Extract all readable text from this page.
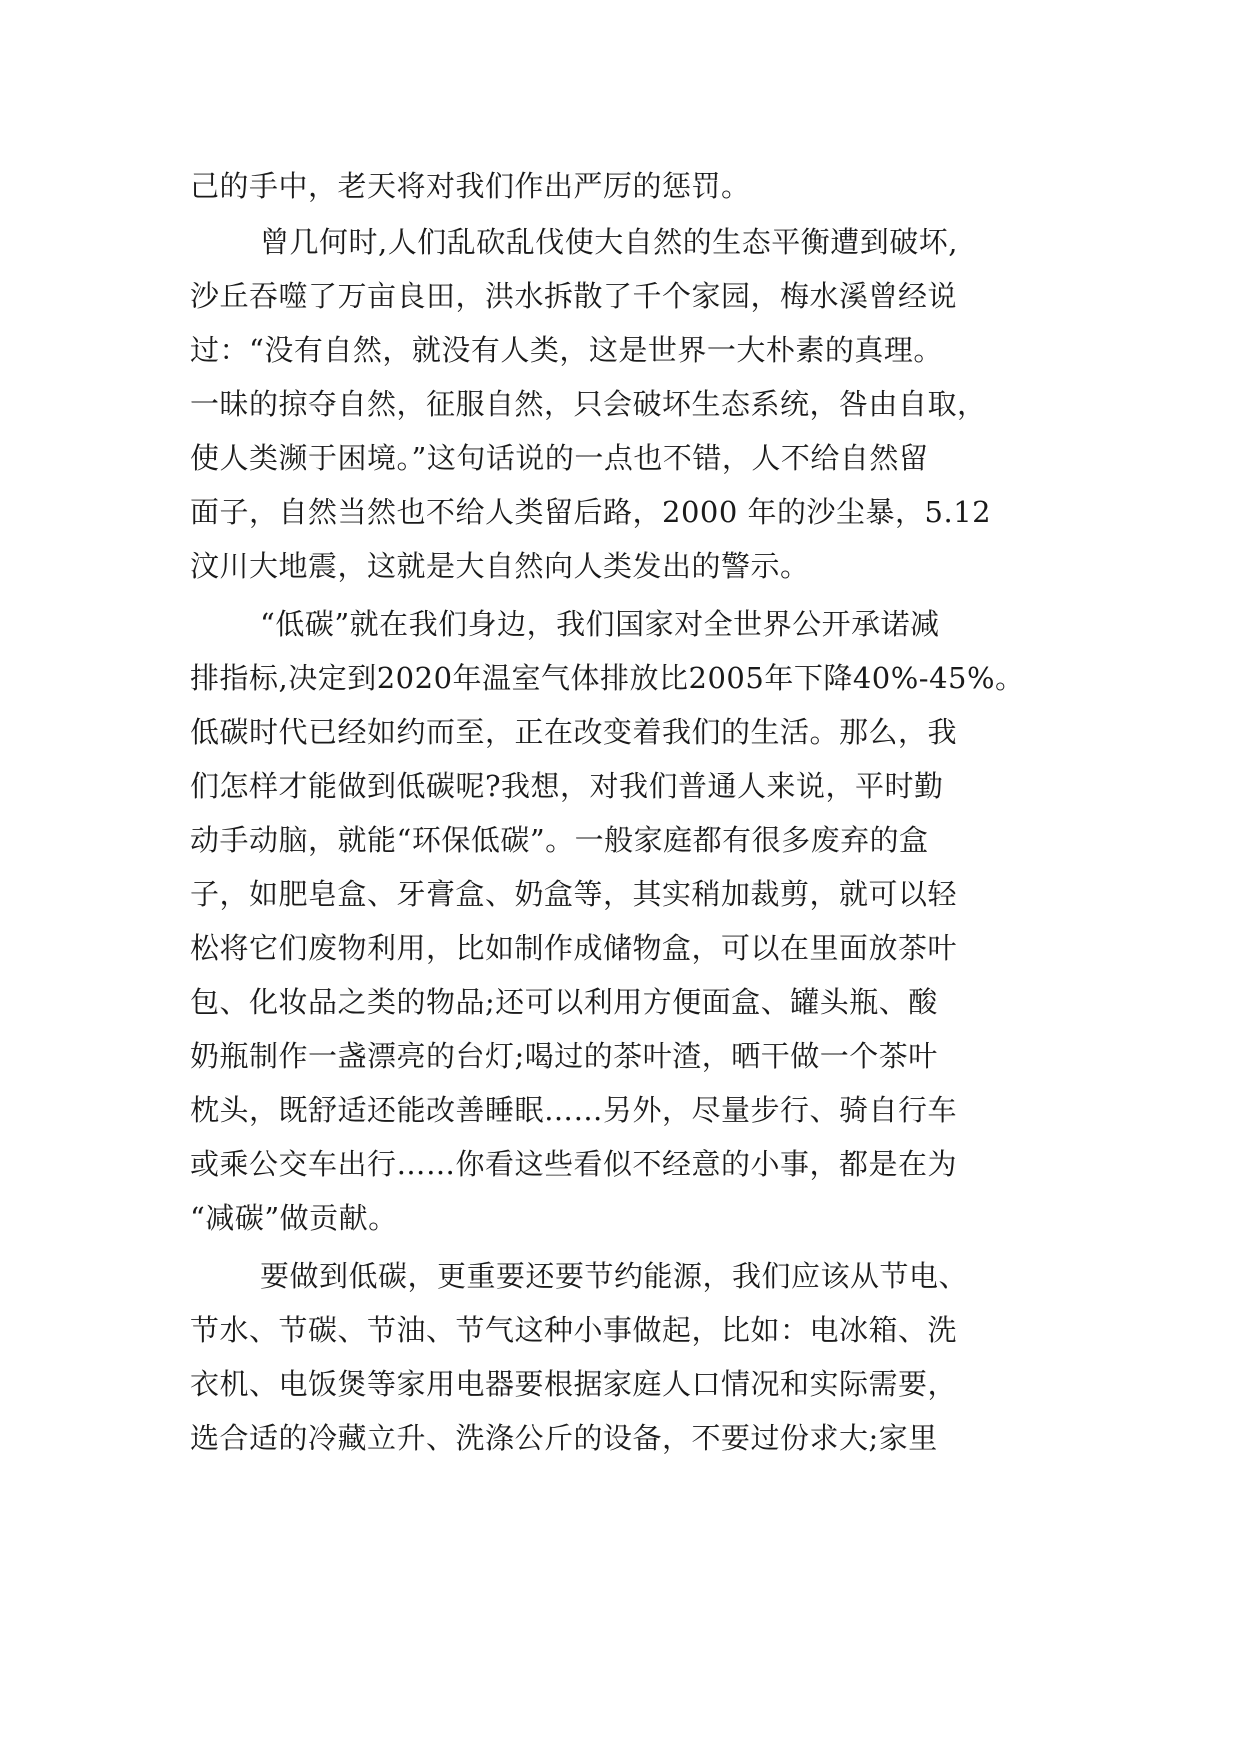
己的手中，老天将对我们作出严厉的惩罚。
曾几何时,人们乱砍乱伐使大自然的生态平衡遭到破坏,
沙丘吞噬了万亩良田，洪水拆散了千个家园，梅水溪曾经说
过：“没有自然，就没有人类，这是世界一大朴素的真理。
一昧的掠夺自然，征服自然，只会破坏生态系统，咎由自取，
使人类濒于困境。”这句话说的一点也不错，人不给自然留
面子，自然当然也不给人类留后路，2000 年的沙尘暴，5.12
汶川大地震，这就是大自然向人类发出的警示。
“低碳”就在我们身边，我们国家对全世界公开承诺减
排指标,决定到2020年温室气体排放比2005年下降40%-45%。
低碳时代已经如约而至，正在改变着我们的生活。那么，我
们怎样才能做到低碳呢?我想，对我们普通人来说，平时勤
动手动脑，就能“环保低碳”。一般家庭都有很多废弃的盒
子，如肥皂盒、牙膏盒、奶盒等，其实稍加裁剪，就可以轻
松将它们废物利用，比如制作成储物盒，可以在里面放茶叶
包、化妆品之类的物品;还可以利用方便面盒、罐头瓶、酸
奶瓶制作一盏漂亮的台灯;喝过的茶叶渣，晒干做一个茶叶
枕头，既舒适还能改善睡眠……另外，尽量步行、骑自行车
或乘公交车出行……你看这些看似不经意的小事，都是在为
“减碳”做贡献。
要做到低碳，更重要还要节约能源，我们应该从节电、
节水、节碳、节油、节气这种小事做起，比如：电冰箱、洗
衣机、电饭煲等家用电器要根据家庭人口情况和实际需要，
选合适的冷藏立升、洗涤公斤的设备，不要过份求大;家里
